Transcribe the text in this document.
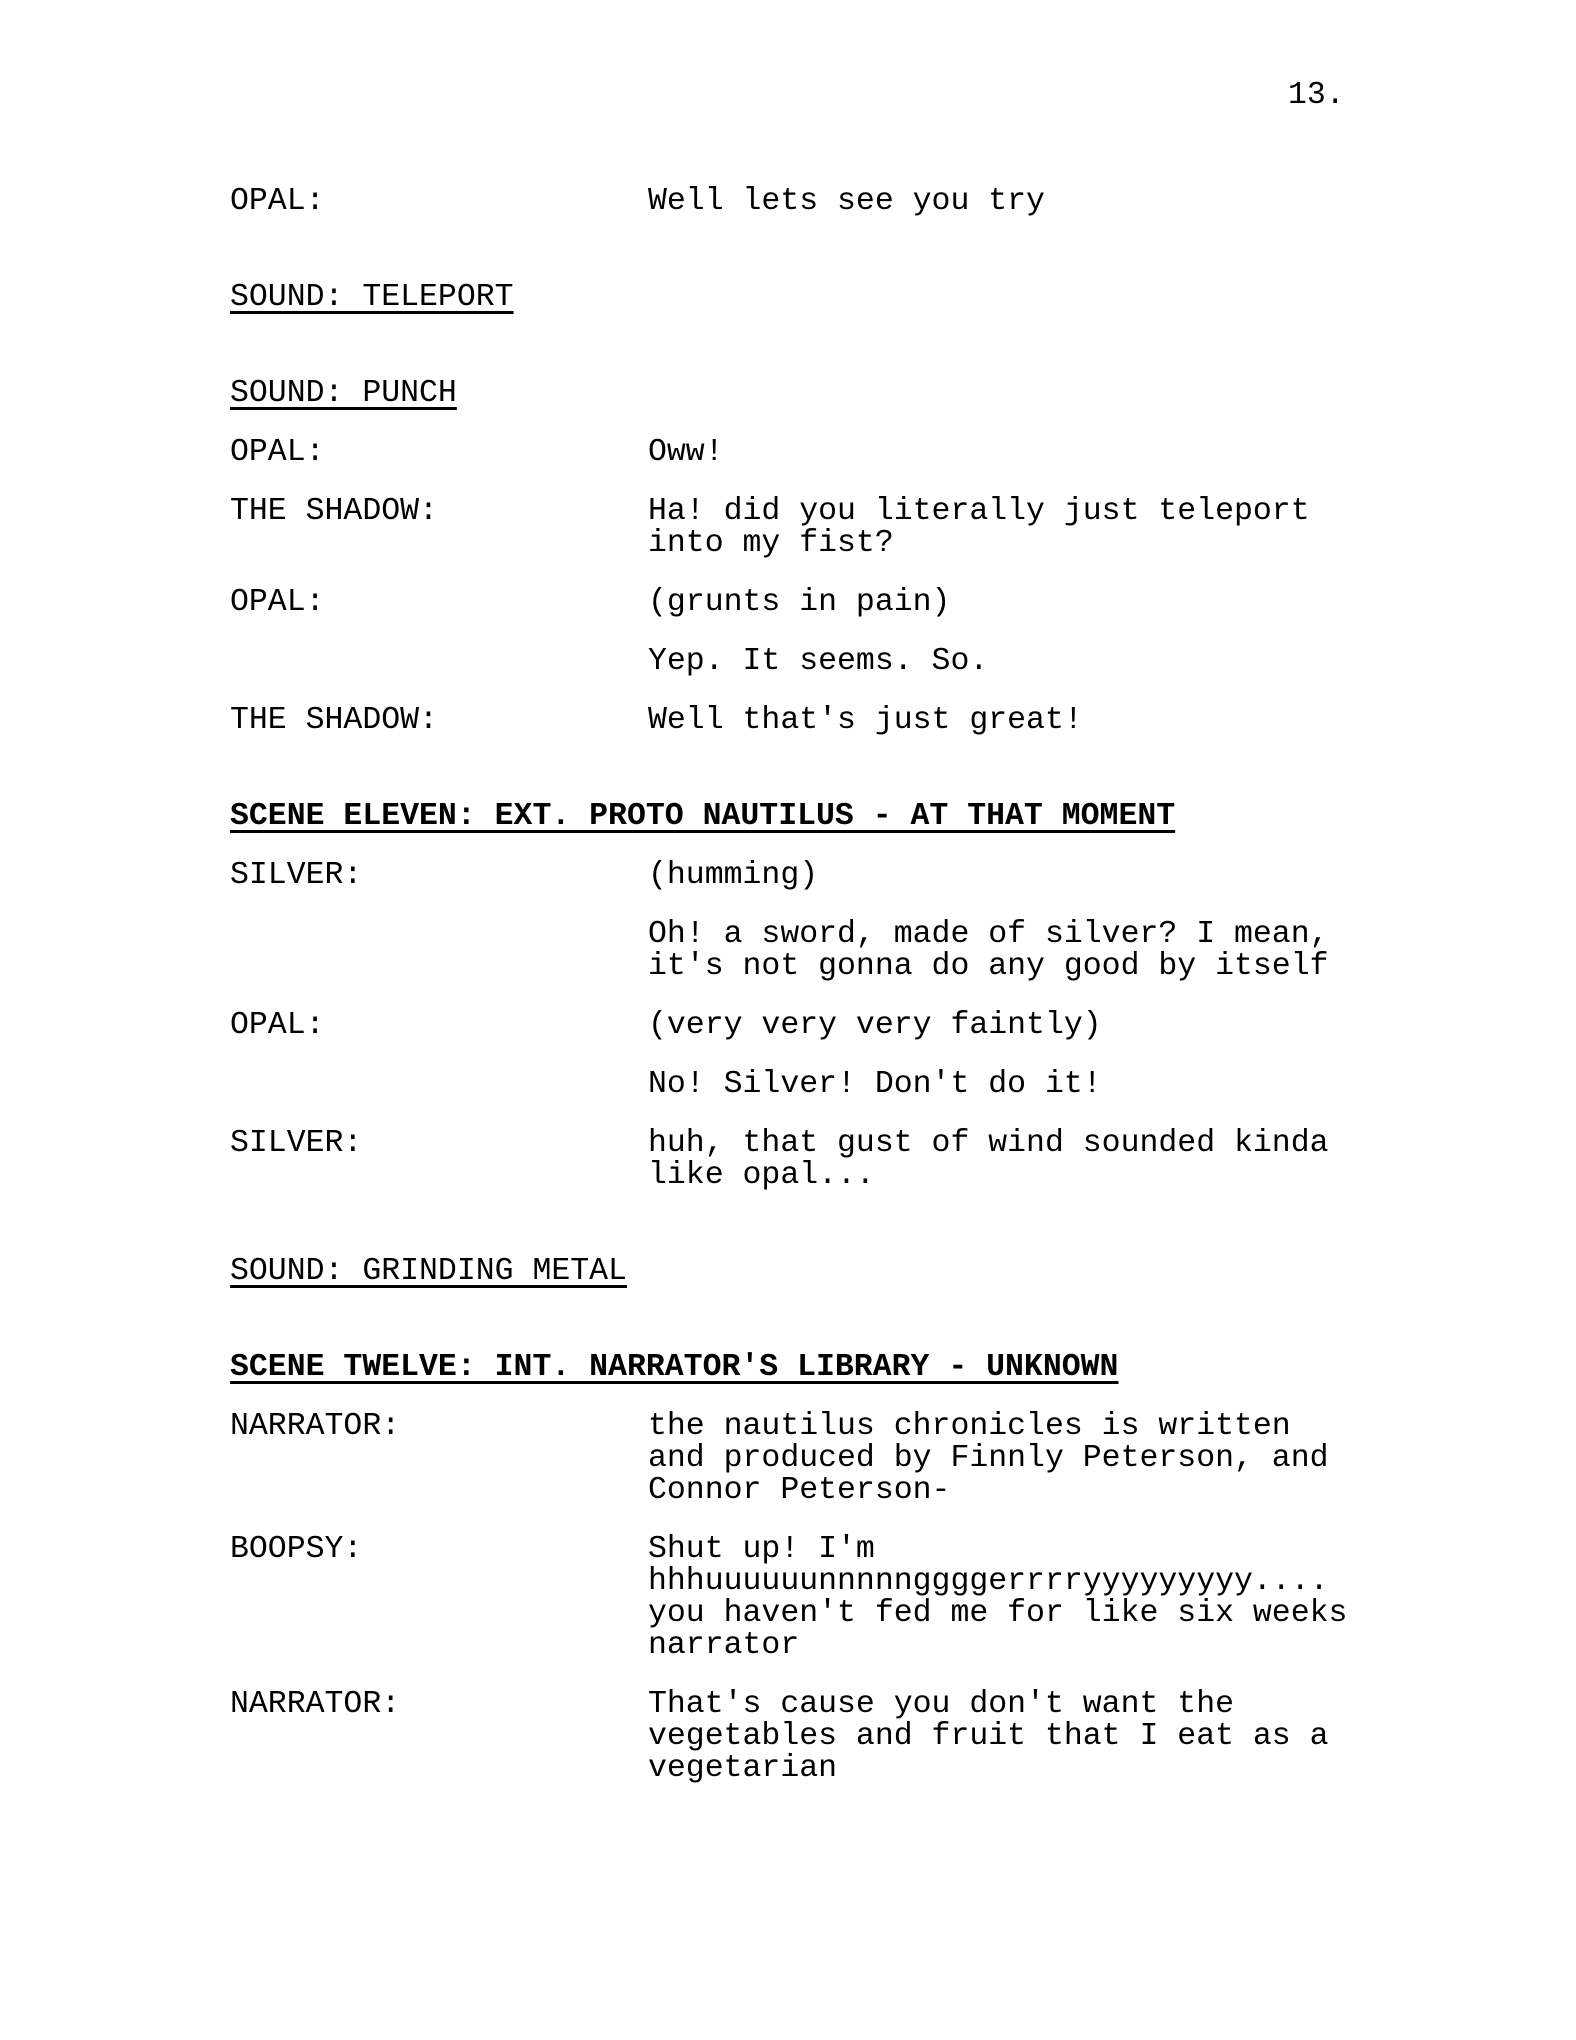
13.
OPAL:	Well lets see you try
SOUND: TELEPORT
SOUND: PUNCH
OPAL:	Oww!
THE SHADOW:	Ha! did you literally just teleport
into my fist?
OPAL:	(grunts in pain)
Yep. It seems. So.
THE SHADOW:	Well that's just great!
SCENE ELEVEN: EXT. PROTO NAUTILUS - AT THAT MOMENT
SILVER:	(humming)
Oh! a sword, made of silver? I mean,
it's not gonna do any good by itself
OPAL:	(very very very faintly)
No! Silver! Don't do it!
SILVER:	huh, that gust of wind sounded kinda
like opal...
SOUND: GRINDING METAL
SCENE TWELVE: INT. NARRATOR'S LIBRARY - UNKNOWN
NARRATOR:	the nautilus chronicles is written
and produced by Finnly Peterson, and
Connor Peterson-
BOOPSY:	Shut up! I'm
hhhuuuuuunnnnnggggerrrryyyyyyyyy....
you haven't fed me for like six weeks
narrator
NARRATOR:	That's cause you don't want the
vegetables and fruit that I eat as a
vegetarian
